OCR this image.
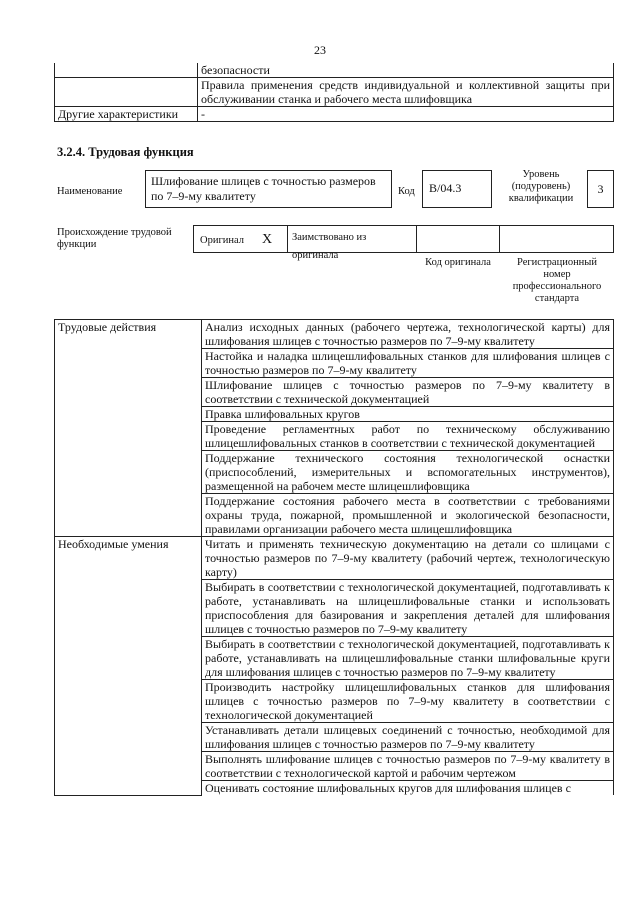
23
	безопасности
	Правила применения средств индивидуальной и коллективной защиты при обслуживании станка и рабочего места шлифовщика
Другие характеристики	-
3.2.4. Трудовая функция
Наименование
Шлифование шлицев с точностью размеров по 7–9-му квалитету	Код	B/04.3
Уровень (подуровень) квалификации
3
Происхождение трудовой функции	Оригинал X	Заимствовано из оригинала
Код оригинала	Регистрационный номер профессионального стандарта
Трудовые действия	Анализ исходных данных (рабочего чертежа, технологической карты) для шлифования шлицев с точностью размеров по 7–9-му квалитету
	Настойка и наладка шлицешлифовальных станков для шлифования шлицев с точностью размеров по 7–9-му квалитету
	Шлифование шлицев с точностью размеров по 7–9-му квалитету в соответствии с технической документацией
	Правка шлифовальных кругов
	Проведение регламентных работ по техническому обслуживанию шлицешлифовальных станков в соответствии с технической документацией
	Поддержание технического состояния технологической оснастки (приспособлений, измерительных и вспомогательных инструментов), размещенной на рабочем месте шлицешлифовщика
	Поддержание состояния рабочего места в соответствии с требованиями охраны труда, пожарной, промышленной и экологической безопасности, правилами организации рабочего места шлицешлифовщика
Необходимые умения	Читать и применять техническую документацию на детали со шлицами с точностью размеров по 7–9-му квалитету (рабочий чертеж, технологическую карту)
	Выбирать в соответствии с технологической документацией, подготавливать к работе, устанавливать на шлицешлифовальные станки и использовать приспособления для базирования и закрепления деталей для шлифования шлицев с точностью размеров по 7–9-му квалитету
	Выбирать в соответствии с технологической документацией, подготавливать к работе, устанавливать на шлицешлифовальные станки шлифовальные круги для шлифования шлицев с точностью размеров по 7–9-му квалитету
	Производить настройку шлицешлифовальных станков для шлифования шлицев с точностью размеров по 7–9-му квалитету в соответствии с технологической документацией
	Устанавливать детали шлицевых соединений с точностью, необходимой для шлифования шлицев с точностью размеров по 7–9-му квалитету
	Выполнять шлифование шлицев с точностью размеров по 7–9-му квалитету в соответствии с технологической картой и рабочим чертежом
	Оценивать состояние шлифовальных кругов для шлифования шлицев с
